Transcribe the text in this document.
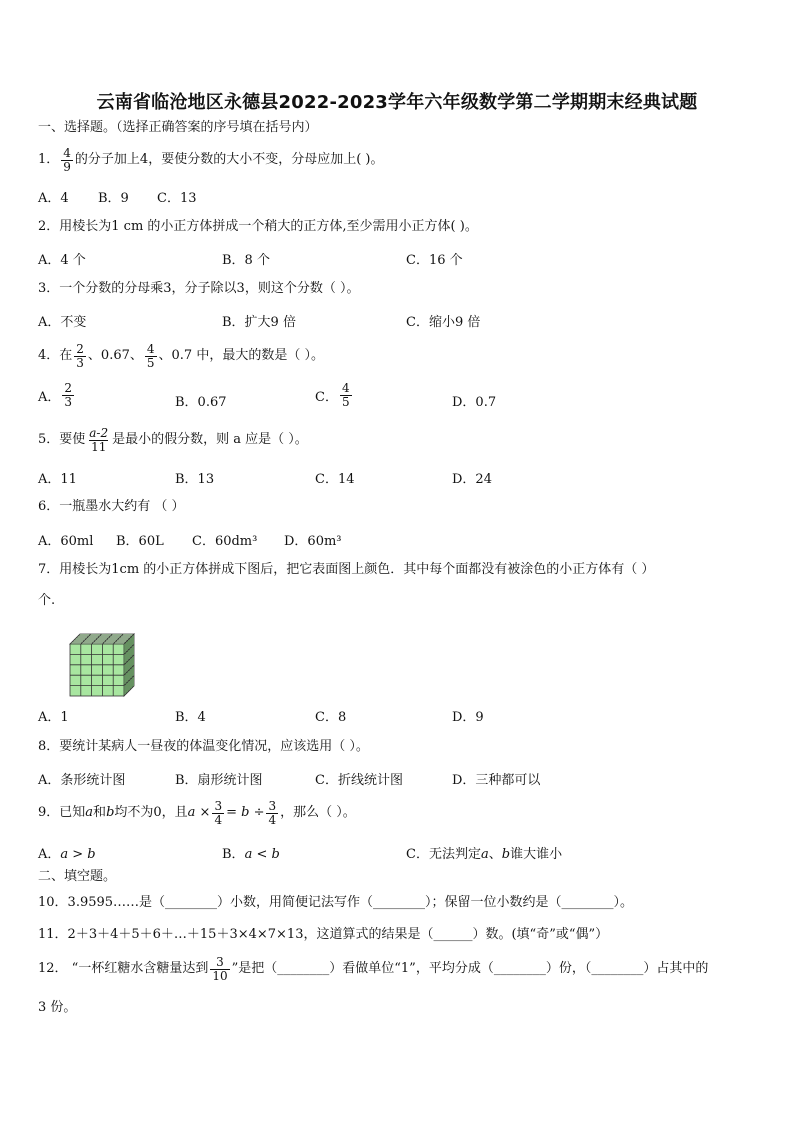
云南省临沧地区永德县2022-2023学年六年级数学第二学期期末经典试题
一、选择题。（选择正确答案的序号填在括号内）
1． $\frac{4}{9}$ 的分子加上4，要使分数的大小不变，分母应加上( )。
A．4 B．9 C．13
2．用棱长为1 cm 的小正方体拼成一个稍大的正方体,至少需用小正方体( )。
A．4 个	B．8 个	C．16 个
3．一个分数的分母乘3，分子除以3，则这个分数（ ）。
A．不变	B．扩大9 倍	C．缩小9 倍
4．在 $\frac{2}{3}$ 、0.67、 $\frac{4}{5}$ 、0.7 中，最大的数是（ ）。
A． $\frac{2}{3}$	B．0.67	C． $\frac{4}{5}$	D．0.7
5．要使 $\frac{a-2}{11}$ 是最小的假分数，则 a 应是（ ）。
A．11	B．13	C．14	D．24
6．一瓶墨水大约有 （ ）
A．60ml B．60L C．60dm³ D．60m³
7．用棱长为1cm 的小正方体拼成下图后，把它表面图上颜色．其中每个面都没有被涂色的小正方体有（ ）
个.
A．1	B．4	C．8	D．9
8．要统计某病人一昼夜的体温变化情况，应该选用（ ）。
A．条形统计图	B．扇形统计图	C．折线统计图	D．三种都可以
9．已知 a 和 b 均不为0，且 $a \times \frac{3}{4} = b \div \frac{3}{4}$ ，那么（ ）。
A．a > b	B．a < b	C．无法判定a、b谁大谁小
二、填空题。
10．3.9595……是（________）小数，用简便记法写作（________）；保留一位小数约是（________）。
11．2＋3＋4＋5＋6＋…＋15＋3×4×7×13，这道算式的结果是（______）数。(填“奇”或“偶”）
12． “一杯红糖水含糖量达到 $\frac{3}{10}$ ”是把（________）看做单位“1”，平均分成（________）份，（________）占其中的
3 份。
